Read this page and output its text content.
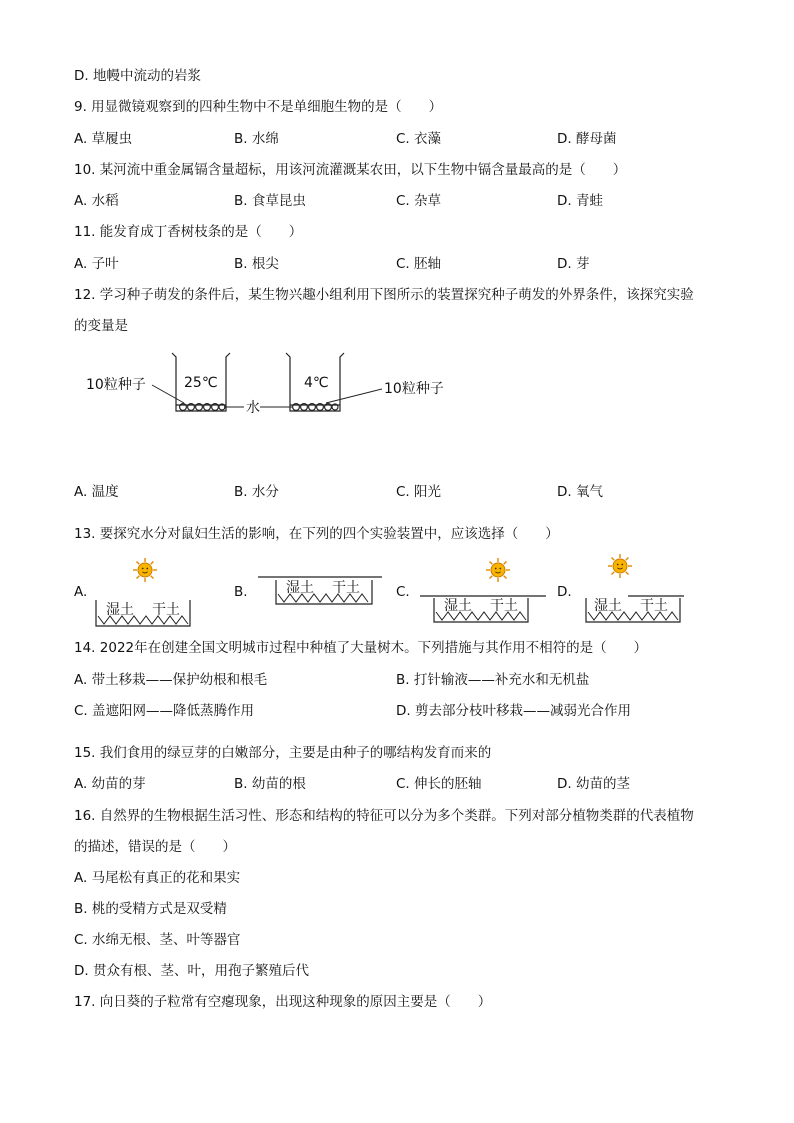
D. 地幔中流动的岩浆
9. 用显微镜观察到的四种生物中不是单细胞生物的是（　　）
A. 草履虫	B. 水绵	C. 衣藻	D. 酵母菌
10. 某河流中重金属镉含量超标，用该河流灌溉某农田，以下生物中镉含量最高的是（　　）
A. 水稻	B. 食草昆虫	C. 杂草	D. 青蛙
11. 能发育成丁香树枝条的是（　　）
A. 子叶	B. 根尖	C. 胚轴	D. 芽
12. 学习种子萌发的条件后，某生物兴趣小组利用下图所示的装置探究种子萌发的外界条件，该探究实验
的变量是
10粒种子	25℃
水
4℃	10粒种子
A. 温度	B. 水分	C. 阳光	D. 氧气
13. 要探究水分对鼠妇生活的影响，在下列的四个实验装置中，应该选择（　　）
A.	B.	C.	D.
湿土 干土
湿土 干土
湿土 干土	湿土 干土
14. 2022年在创建全国文明城市过程中种植了大量树木。下列措施与其作用不相符的是（　　）
A. 带土移栽——保护幼根和根毛	B. 打针输液——补充水和无机盐
C. 盖遮阳网——降低蒸腾作用	D. 剪去部分枝叶移栽——减弱光合作用
15. 我们食用的绿豆芽的白嫩部分，主要是由种子的哪结构发育而来的
A. 幼苗的芽	B. 幼苗的根	C. 伸长的胚轴	D. 幼苗的茎
16. 自然界的生物根据生活习性、形态和结构的特征可以分为多个类群。下列对部分植物类群的代表植物
的描述，错误的是（　　）
A. 马尾松有真正的花和果实
B. 桃的受精方式是双受精
C. 水绵无根、茎、叶等器官
D. 贯众有根、茎、叶，用孢子繁殖后代
17. 向日葵的子粒常有空瘪现象，出现这种现象的原因主要是（　　）
